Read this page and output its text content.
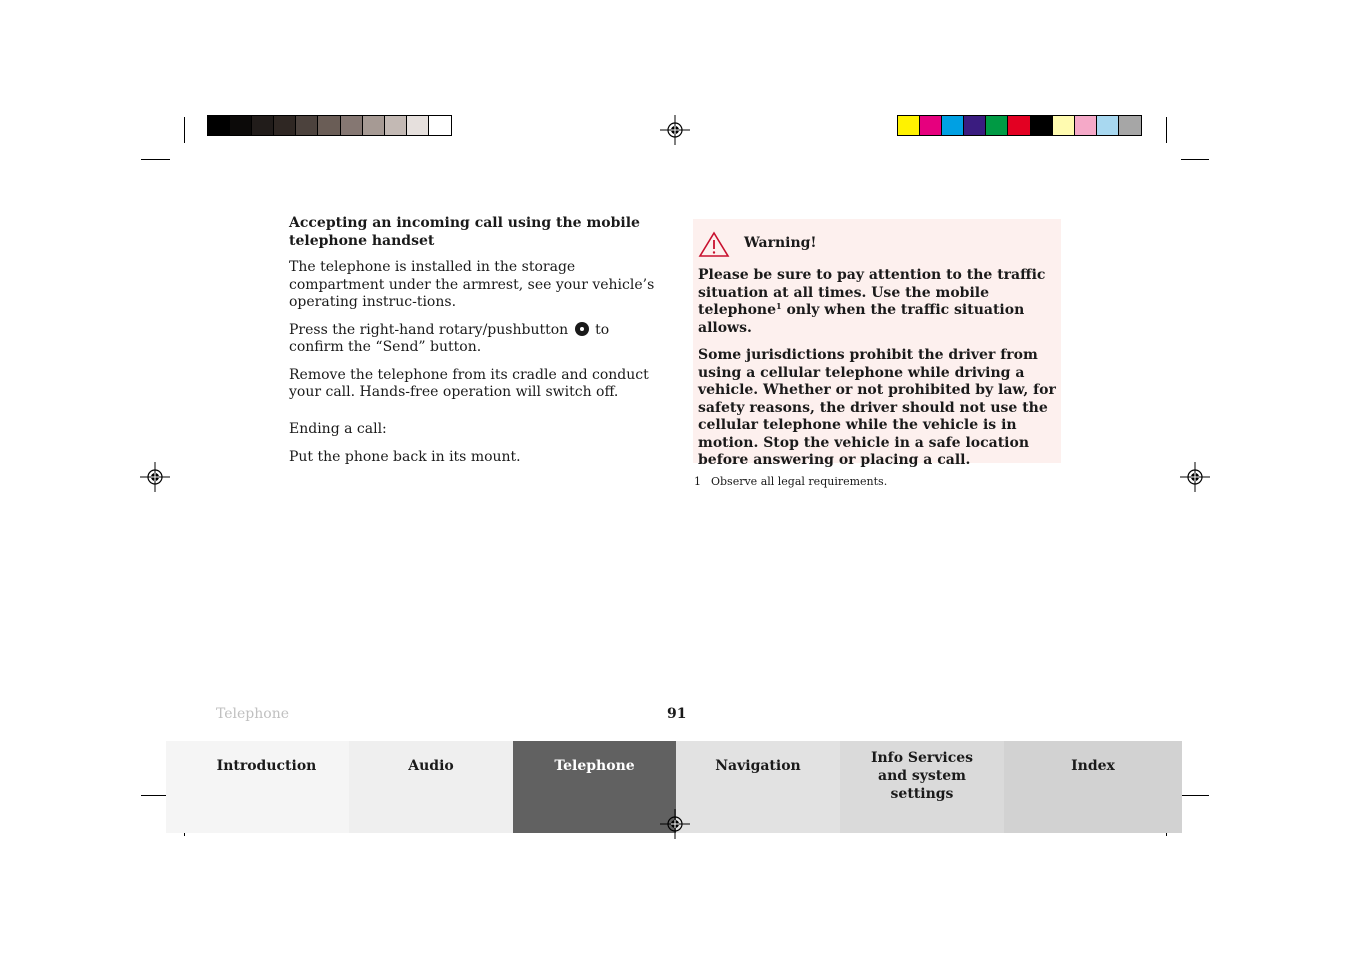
Accepting an incoming call using the mobile telephone handset

The telephone is installed in the storage compartment under the armrest, see your vehicle’s operating instruc-tions.

Press the right-hand rotary/pushbutton to confirm the “Send” button.

Remove the telephone from its cradle and conduct your call. Hands-free operation will switch off.

Ending a call:

Put the phone back in its mount.

Warning!

Please be sure to pay attention to the traffic situation at all times. Use the mobile telephone$^1$ only when the traffic situation allows.

Some jurisdictions prohibit the driver from using a cellular telephone while driving a vehicle. Whether or not prohibited by law, for safety reasons, the driver should not use the cellular telephone while the vehicle is in motion. Stop the vehicle in a safe location before answering or placing a call.

1 Observe all legal requirements.
Telephone	91
Introduction	Audio	Telephone	Navigation	Info Services and system settings
Index
